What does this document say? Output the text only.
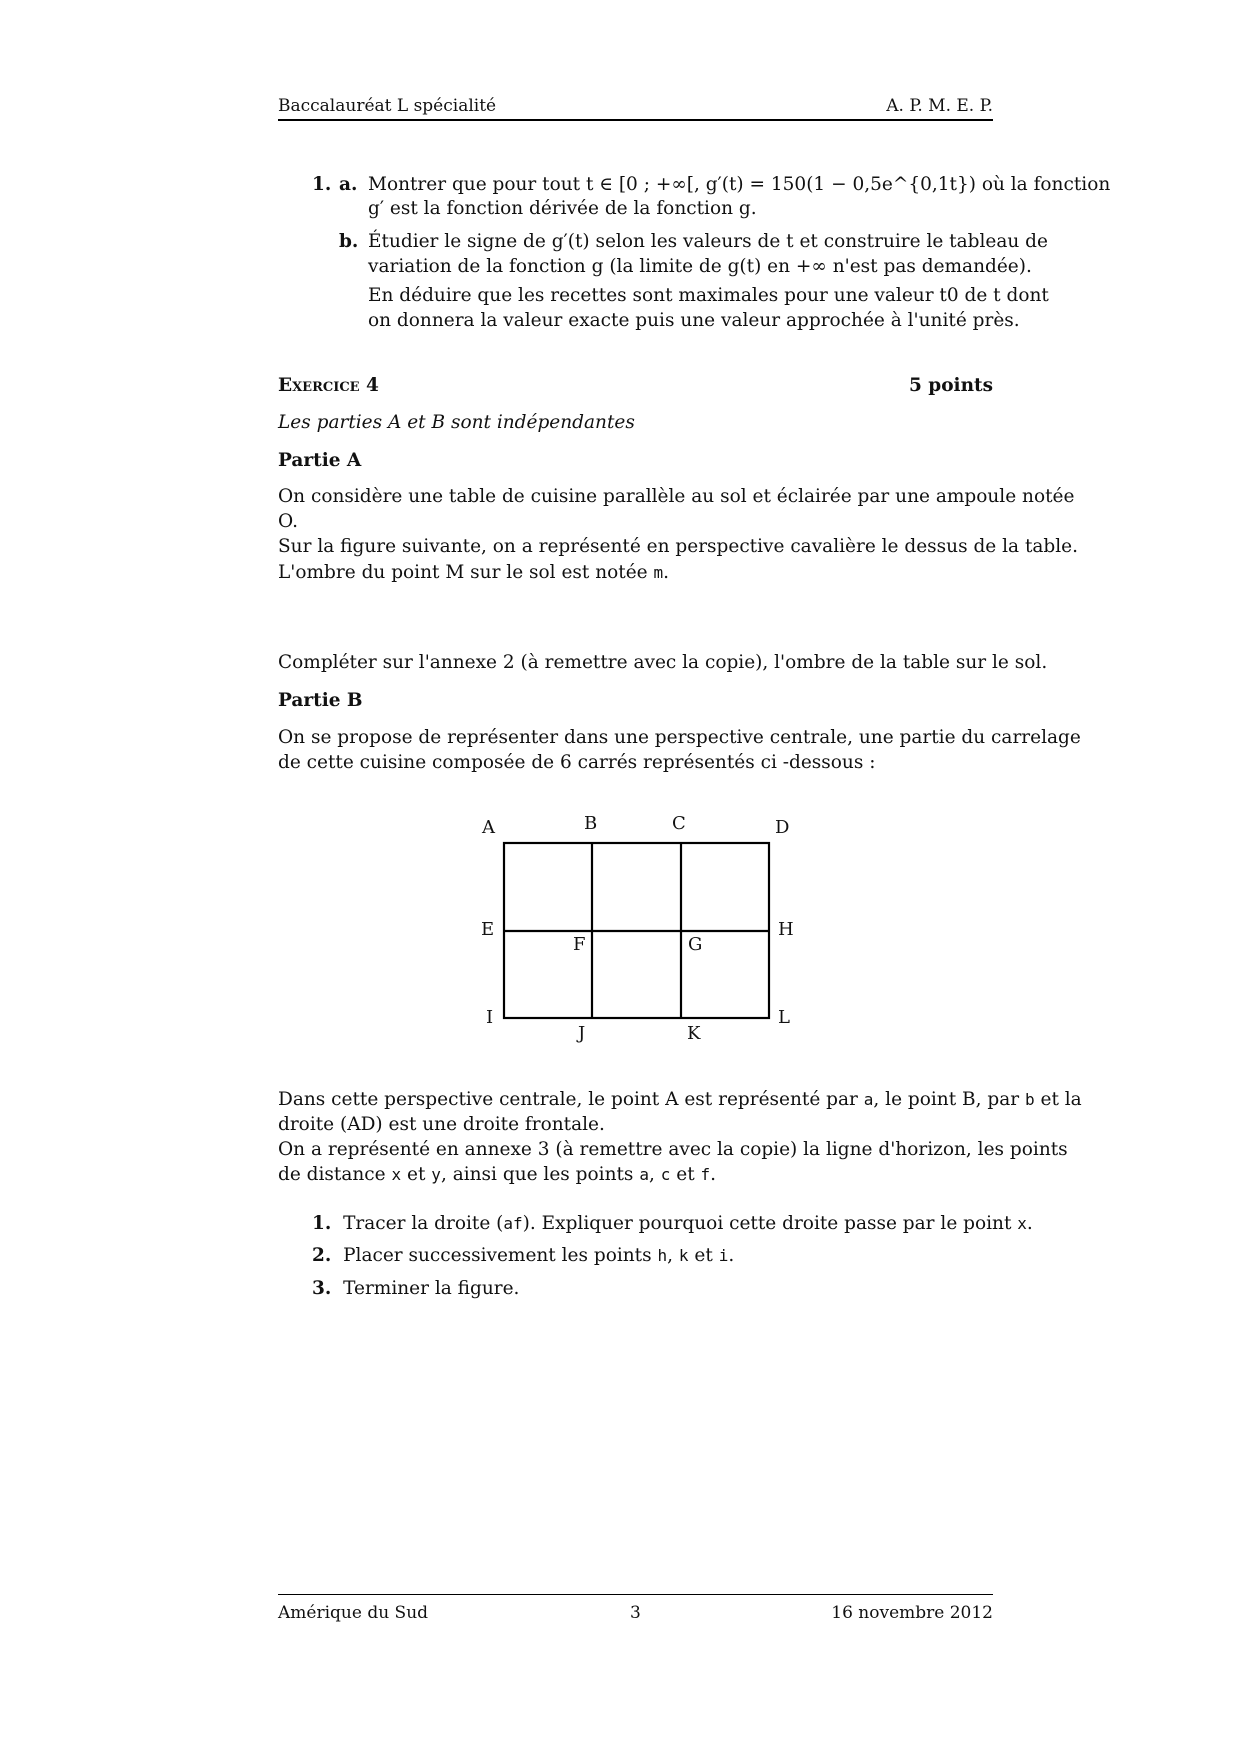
Baccalauréat L spécialité	A. P. M. E. P.
1. a. Montrer que pour tout t ∈ [0 ; +∞[, g′(t) = 150(1 − 0,5e^{0,1t}) où la fonction
g′ est la fonction dérivée de la fonction g.
b. Étudier le signe de g′(t) selon les valeurs de t et construire le tableau de
variation de la fonction g (la limite de g(t) en +∞ n'est pas demandée).
En déduire que les recettes sont maximales pour une valeur t0 de t dont
on donnera la valeur exacte puis une valeur approchée à l'unité près.
Exercice 4	5 points
Les parties A et B sont indépendantes
Partie A
On considère une table de cuisine parallèle au sol et éclairée par une ampoule notée
O.
Sur la figure suivante, on a représenté en perspective cavalière le dessus de la table.
L'ombre du point M sur le sol est notée m.
Compléter sur l'annexe 2 (à remettre avec la copie), l'ombre de la table sur le sol.
Partie B
On se propose de représenter dans une perspective centrale, une partie du carrelage
de cette cuisine composée de 6 carrés représentés ci -dessous :
A	B	C	D
E
F	G
H
I
J	K
L
Dans cette perspective centrale, le point A est représenté par a, le point B, par b et la
droite (AD) est une droite frontale.
On a représenté en annexe 3 (à remettre avec la copie) la ligne d'horizon, les points
de distance x et y, ainsi que les points a, c et f.
1. Tracer la droite (af). Expliquer pourquoi cette droite passe par le point x.
2. Placer successivement les points h, k et i.
3. Terminer la figure.
Amérique du Sud	3	16 novembre 2012
